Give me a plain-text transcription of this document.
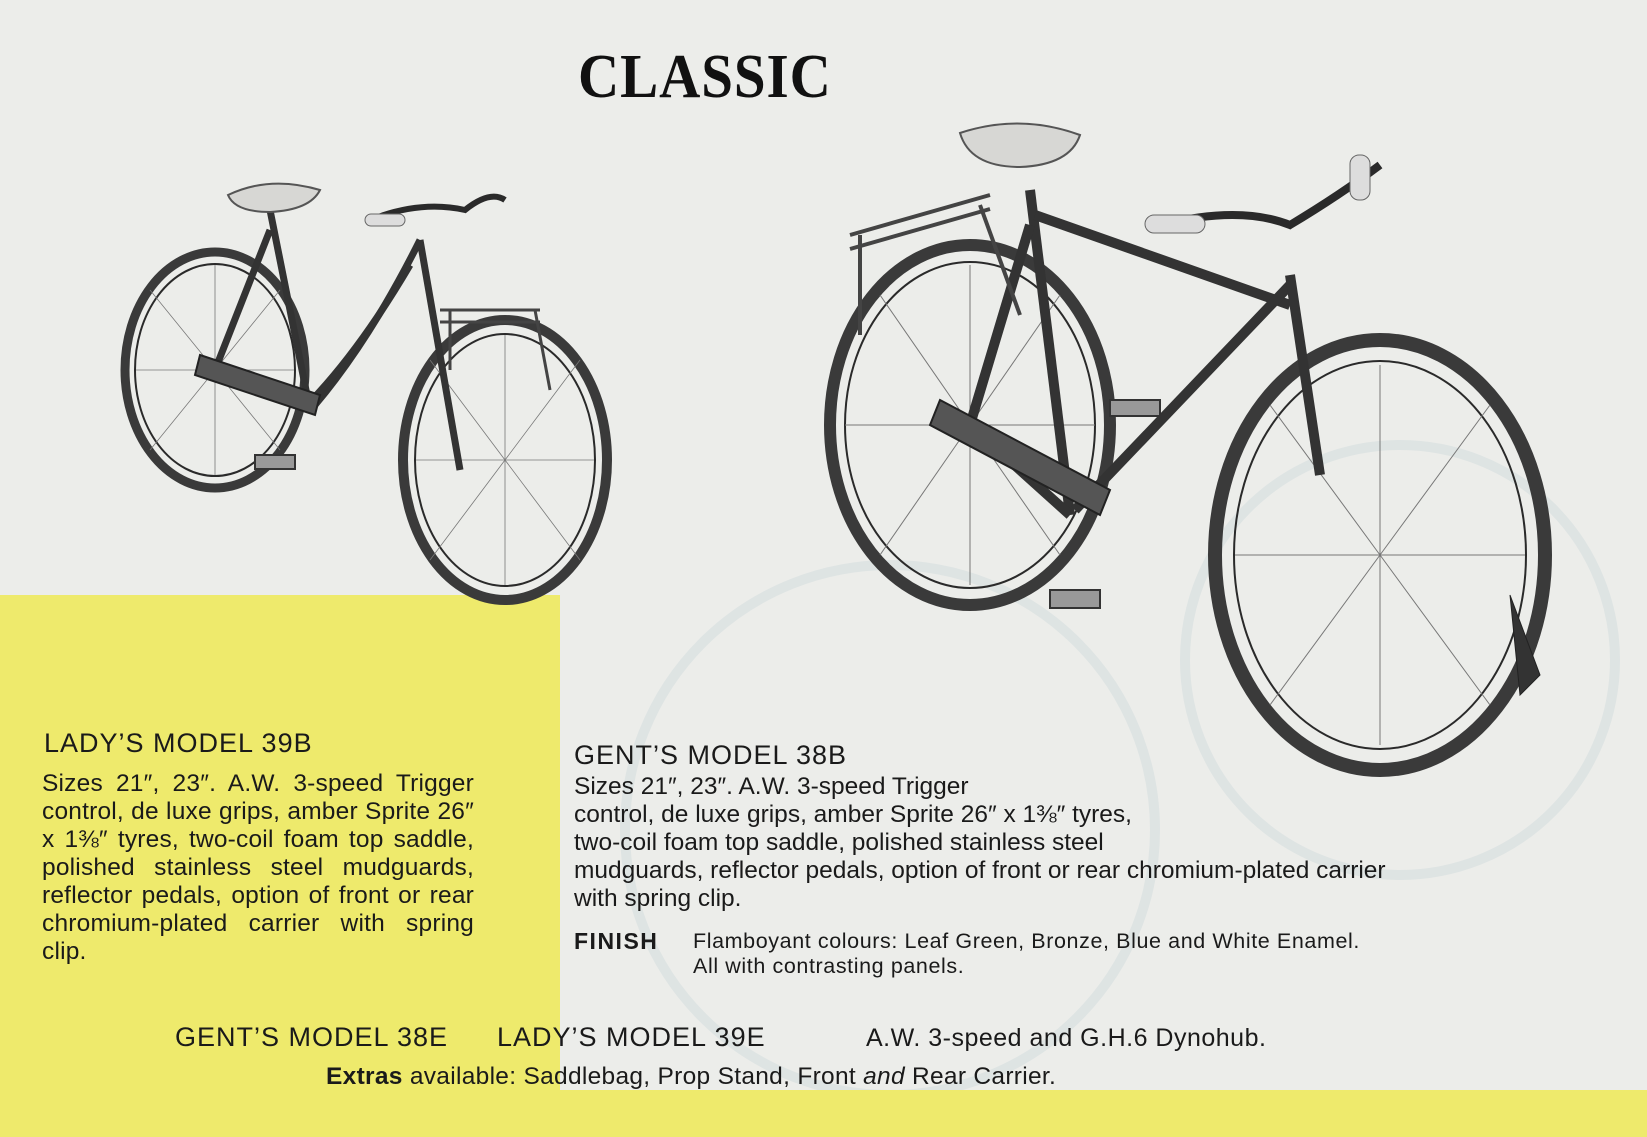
CLASSIC
LADY’S MODEL 39B
Sizes 21″, 23″. A.W. 3-speed Trigger control, de luxe grips, amber Sprite 26″ x 1⅜″ tyres, two-coil foam top saddle, polished stainless steel mudguards, reflector pedals, option of front or rear chromium-plated carrier with spring clip.
GENT’S MODEL 38B
Sizes 21″, 23″. A.W. 3-speed Trigger
control, de luxe grips, amber Sprite 26″ x 1⅜″ tyres,
two-coil foam top saddle, polished stainless steel
mudguards, reflector pedals, option of front or rear chromium-plated carrier
with spring clip.
FINISH Flamboyant colours: Leaf Green, Bronze, Blue and White Enamel.
All with contrasting panels.
GENT’S MODEL 38E LADY’S MODEL 39E	A.W. 3-speed and G.H.6 Dynohub.
Extras available: Saddlebag, Prop Stand, Front and Rear Carrier.
